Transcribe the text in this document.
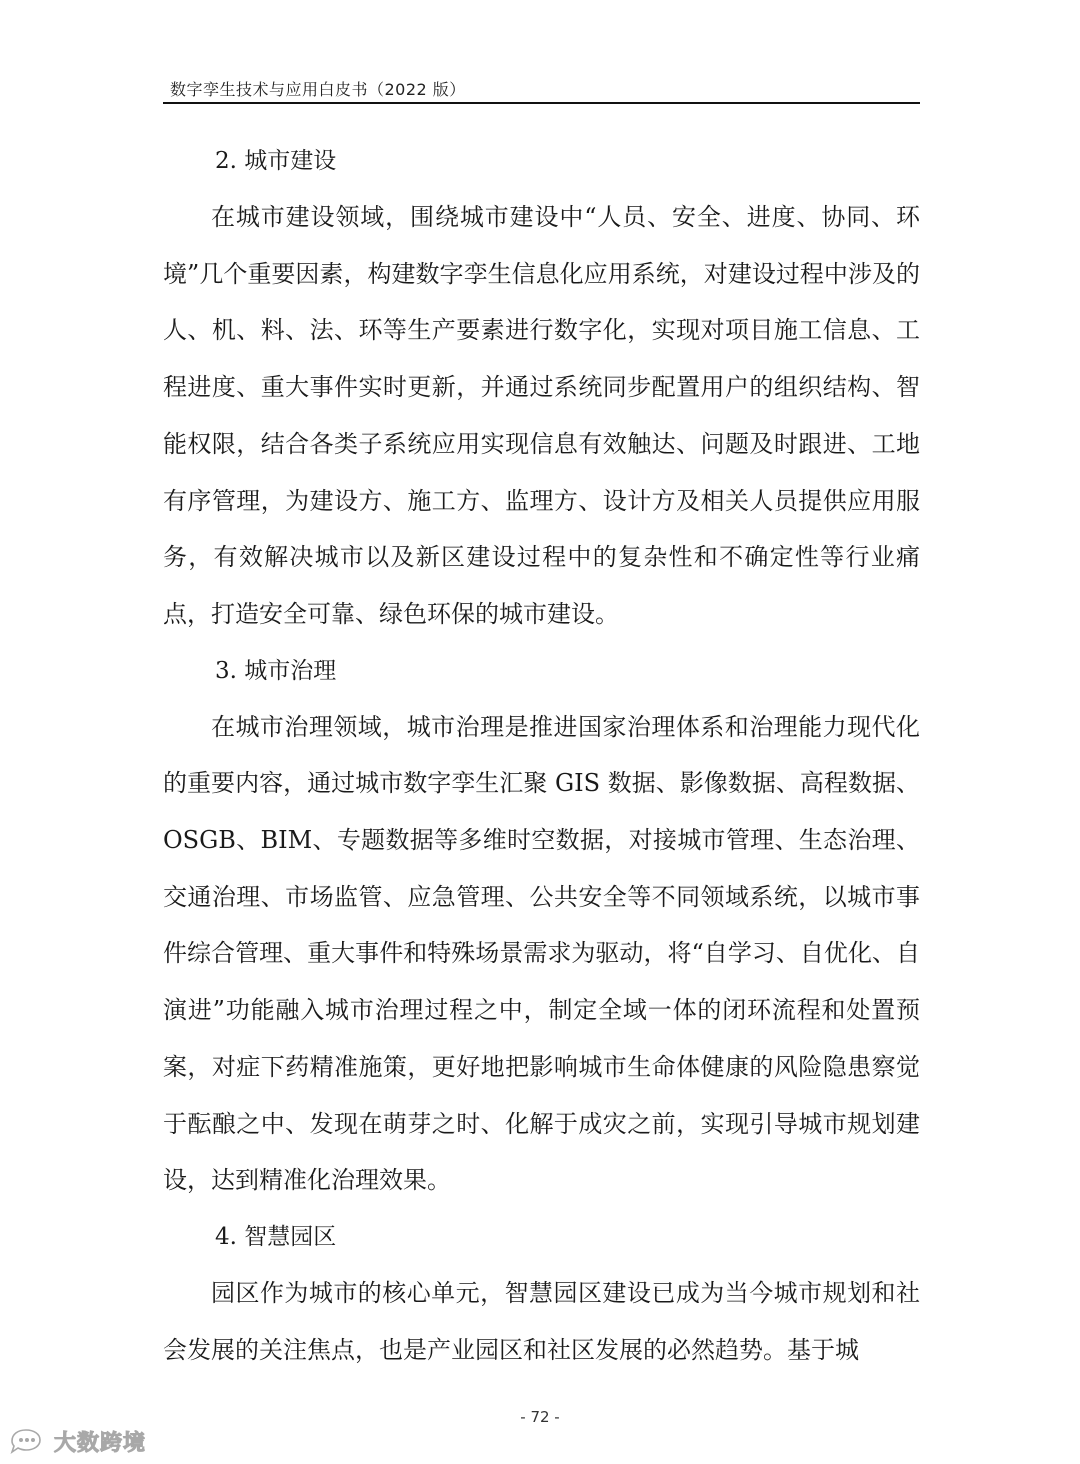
数字孪生技术与应用白皮书（2022 版）
2. 城市建设

在城市建设领域，围绕城市建设中“人员、安全、进度、协同、环境”几个重要因素，构建数字孪生信息化应用系统，对建设过程中涉及的人、机、料、法、环等生产要素进行数字化，实现对项目施工信息、工程进度、重大事件实时更新，并通过系统同步配置用户的组织结构、智能权限，结合各类子系统应用实现信息有效触达、问题及时跟进、工地有序管理，为建设方、施工方、监理方、设计方及相关人员提供应用服务，有效解决城市以及新区建设过程中的复杂性和不确定性等行业痛点，打造安全可靠、绿色环保的城市建设。

3. 城市治理

在城市治理领域，城市治理是推进国家治理体系和治理能力现代化的重要内容，通过城市数字孪生汇聚 GIS 数据、影像数据、高程数据、OSGB、BIM、专题数据等多维时空数据，对接城市管理、生态治理、交通治理、市场监管、应急管理、公共安全等不同领域系统，以城市事件综合管理、重大事件和特殊场景需求为驱动，将“自学习、自优化、自演进”功能融入城市治理过程之中，制定全域一体的闭环流程和处置预案，对症下药精准施策，更好地把影响城市生命体健康的风险隐患察觉于酝酿之中、发现在萌芽之时、化解于成灾之前，实现引导城市规划建设，达到精准化治理效果。

4. 智慧园区

园区作为城市的核心单元，智慧园区建设已成为当今城市规划和社会发展的关注焦点，也是产业园区和社区发展的必然趋势。基于城

- 72 -
大数跨境
